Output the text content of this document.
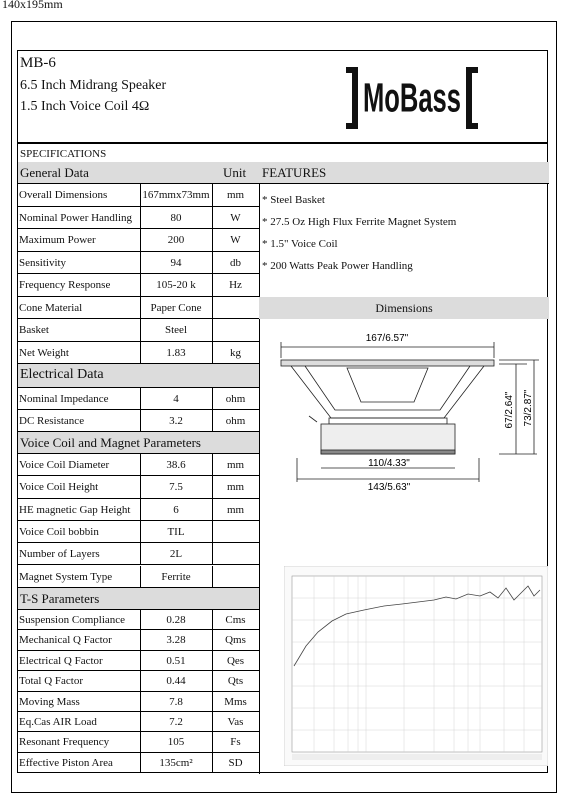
140x195mm
MB-6
6.5 Inch Midrang Speaker
1.5 Inch Voice Coil 4Ω	MoBass
SPECIFICATIONS
General Data	Unit
Overall Dimensions	167mmx73mm	mm
Nominal Power Handling	80	W
Maximum Power	200	W
Sensitivity	94	db
Frequency Response	105-20 k	Hz
Cone Material	Paper Cone
Basket	Steel
Net Weight	1.83	kg
Electrical Data
Nominal Impedance	4	ohm
DC Resistance	3.2	ohm
Voice Coil and Magnet Parameters
Voice Coil Diameter	38.6	mm
Voice Coil Height	7.5	mm
HE magnetic Gap Height	6	mm
Voice Coil bobbin	TIL
Number of Layers	2L
Magnet System Type	Ferrite
T-S Parameters
Suspension Compliance	0.28	Cms
Mechanical Q Factor	3.28	Qms
Electrical Q Factor	0.51	Qes
Total Q Factor	0.44	Qts
Moving Mass	7.8	Mms
Eq.Cas AIR Load	7.2	Vas
Resonant Frequency	105	Fs
Effective Piston Area	135cm²	SD
FEATURES
* Steel Basket
* 27.5 Oz High Flux Ferrite Magnet System
* 1.5" Voice Coil
* 200 Watts Peak Power Handling
Dimensions
167/6.57"
110/4.33"
143/5.63"
67/2.64" 73/2.87"
